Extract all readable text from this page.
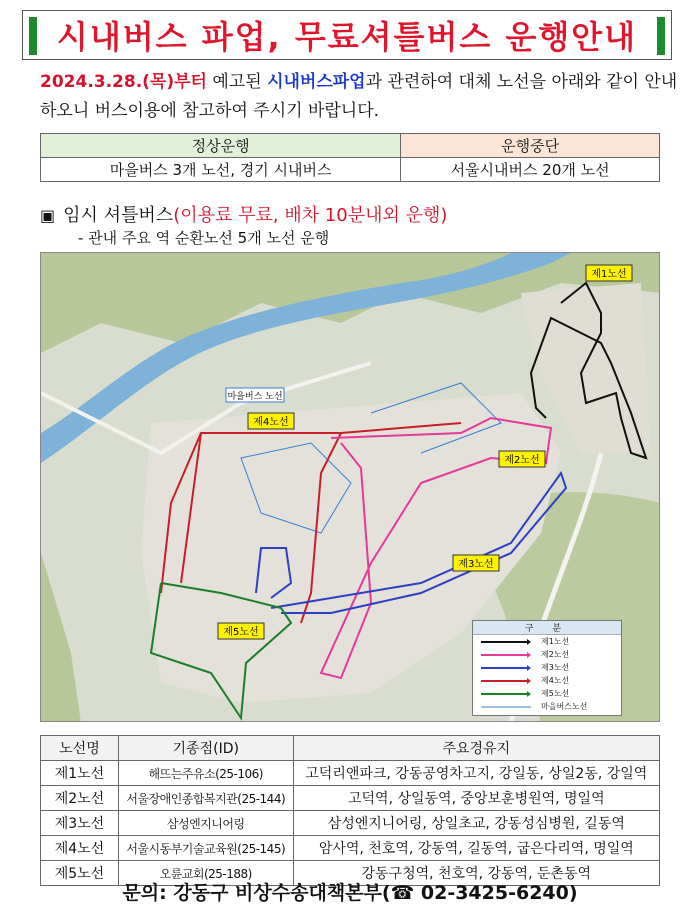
시내버스 파업, 무료셔틀버스 운행안내
2024.3.28.(목)부터 예고된 시내버스파업과 관련하여 대체 노선을 아래와 같이 안내하오니 버스이용에 참고하여 주시기 바랍니다.
정상운행	운행중단
마을버스 3개 노선, 경기 시내버스	서울시내버스 20개 노선
▣ 임시 셔틀버스(이용료 무료, 배차 10분내외 운행)
- 관내 주요 역 순환노선 5개 노선 운행
제1노선
제2노선
제3노선
제4노선
제5노선
마을버스 노선
구 분
제1노선
제2노선
제3노선
제4노선
제5노선
마을버스노선
노선명	기종점(ID)	주요경유지
제1노선	해뜨는주유소(25-106)	고덕리앤파크, 강동공영차고지, 강일동, 상일2동, 강일역
제2노선	서울장애인종합복지관(25-144)	고덕역, 상일동역, 중앙보훈병원역, 명일역
제3노선	삼성엔지니어링	삼성엔지니어링, 상일초교, 강동성심병원, 길동역
제4노선	서울시동부기술교육원(25-145)	암사역, 천호역, 강동역, 길동역, 굽은다리역, 명일역
제5노선	오륜교회(25-188)	강동구청역, 천호역, 강동역, 둔촌동역
문의: 강동구 비상수송대책본부(☎ 02-3425-6240)
